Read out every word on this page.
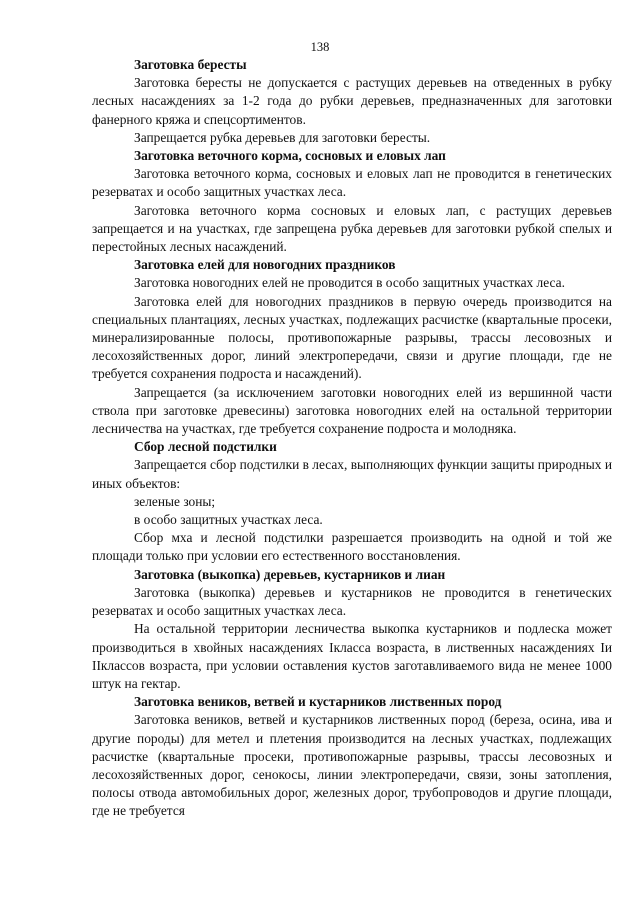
138

Заготовка бересты

Заготовка бересты не допускается с растущих деревьев на отведенных в рубку лесных насаждениях за 1-2 года до рубки деревьев, предназначенных для заготовки фанерного кряжа и спецсортиментов.

Запрещается рубка деревьев для заготовки бересты.

Заготовка веточного корма, сосновых и еловых лап

Заготовка веточного корма, сосновых и еловых лап не проводится в генетических резерватах и особо защитных участках леса.

Заготовка веточного корма сосновых и еловых лап, с растущих деревьев запрещается и на участках, где запрещена рубка деревьев для заготовки рубкой спелых и перестойных лесных насаждений.

Заготовка елей для новогодних праздников

Заготовка новогодних елей не проводится в особо защитных участках леса.

Заготовка елей для новогодних праздников в первую очередь производится на специальных плантациях, лесных участках, подлежащих расчистке (квартальные просеки, минерализированные полосы, противопожарные разрывы, трассы лесовозных и лесохозяйственных дорог, линий электропередачи, связи и другие площади, где не требуется сохранения подроста и насаждений).

Запрещается (за исключением заготовки новогодних елей из вершинной части ствола при заготовке древесины) заготовка новогодних елей на остальной территории лесничества на участках, где требуется сохранение подроста и молодняка.

Сбор лесной подстилки

Запрещается сбор подстилки в лесах, выполняющих функции защиты природных и иных объектов:

зеленые зоны;

в особо защитных участках леса.

Сбор мха и лесной подстилки разрешается производить на одной и той же площади только при условии его естественного восстановления.

Заготовка (выкопка) деревьев, кустарников и лиан

Заготовка (выкопка) деревьев и кустарников не проводится в генетических резерватах и особо защитных участках леса.

На остальной территории лесничества выкопка кустарников и подлеска может производиться в хвойных насаждениях Iкласса возраста, в лиственных насаждениях Iи IIклассов возраста, при условии оставления кустов заготавливаемого вида не менее 1000 штук на гектар.

Заготовка веников, ветвей и кустарников лиственных пород

Заготовка веников, ветвей и кустарников лиственных пород (береза, осина, ива и другие породы) для метел и плетения производится на лесных участках, подлежащих расчистке (квартальные просеки, противопожарные разрывы, трассы лесовозных и лесохозяйственных дорог, сенокосы, линии электропередачи, связи, зоны затопления, полосы отвода автомобильных дорог, железных дорог, трубопроводов и другие площади, где не требуется
